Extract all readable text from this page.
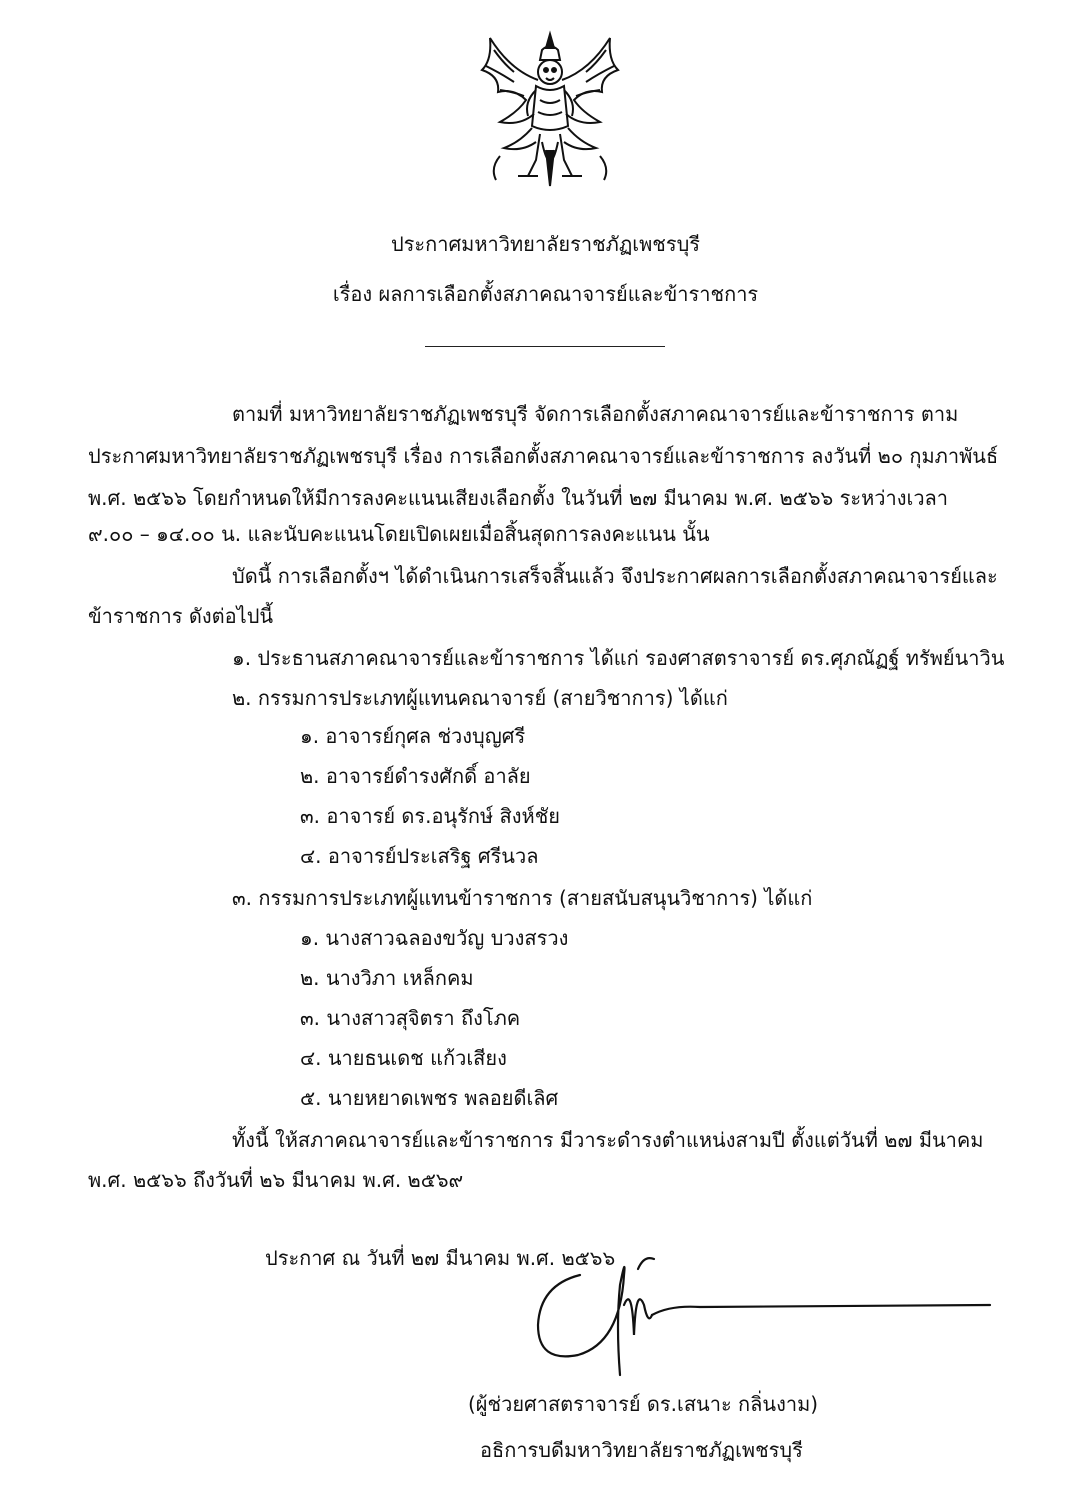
ประกาศมหาวิทยาลัยราชภัฏเพชรบุรี
เรื่อง ผลการเลือกตั้งสภาคณาจารย์และข้าราชการ
ตามที่ มหาวิทยาลัยราชภัฏเพชรบุรี จัดการเลือกตั้งสภาคณาจารย์และข้าราชการ ตาม
ประกาศมหาวิทยาลัยราชภัฏเพชรบุรี เรื่อง การเลือกตั้งสภาคณาจารย์และข้าราชการ ลงวันที่ ๒๐ กุมภาพันธ์
พ.ศ. ๒๕๖๖ โดยกำหนดให้มีการลงคะแนนเสียงเลือกตั้ง ในวันที่ ๒๗ มีนาคม พ.ศ. ๒๕๖๖ ระหว่างเวลา
๙.๐๐ – ๑๔.๐๐ น. และนับคะแนนโดยเปิดเผยเมื่อสิ้นสุดการลงคะแนน นั้น
บัดนี้ การเลือกตั้งฯ ได้ดำเนินการเสร็จสิ้นแล้ว จึงประกาศผลการเลือกตั้งสภาคณาจารย์และ
ข้าราชการ ดังต่อไปนี้
๑. ประธานสภาคณาจารย์และข้าราชการ ได้แก่ รองศาสตราจารย์ ดร.ศุภณัฏฐ์ ทรัพย์นาวิน
๒. กรรมการประเภทผู้แทนคณาจารย์ (สายวิชาการ) ได้แก่
๑. อาจารย์กุศล ช่วงบุญศรี
๒. อาจารย์ดำรงศักดิ์ อาลัย
๓. อาจารย์ ดร.อนุรักษ์ สิงห์ชัย
๔. อาจารย์ประเสริฐ ศรีนวล
๓. กรรมการประเภทผู้แทนข้าราชการ (สายสนับสนุนวิชาการ) ได้แก่
๑. นางสาวฉลองขวัญ บวงสรวง
๒. นางวิภา เหล็กคม
๓. นางสาวสุจิตรา ถึงโภค
๔. นายธนเดช แก้วเสียง
๕. นายหยาดเพชร พลอยดีเลิศ
ทั้งนี้ ให้สภาคณาจารย์และข้าราชการ มีวาระดำรงตำแหน่งสามปี ตั้งแต่วันที่ ๒๗ มีนาคม
พ.ศ. ๒๕๖๖ ถึงวันที่ ๒๖ มีนาคม พ.ศ. ๒๕๖๙
ประกาศ ณ วันที่ ๒๗ มีนาคม พ.ศ. ๒๕๖๖
(ผู้ช่วยศาสตราจารย์ ดร.เสนาะ กลิ่นงาม)
อธิการบดีมหาวิทยาลัยราชภัฏเพชรบุรี
